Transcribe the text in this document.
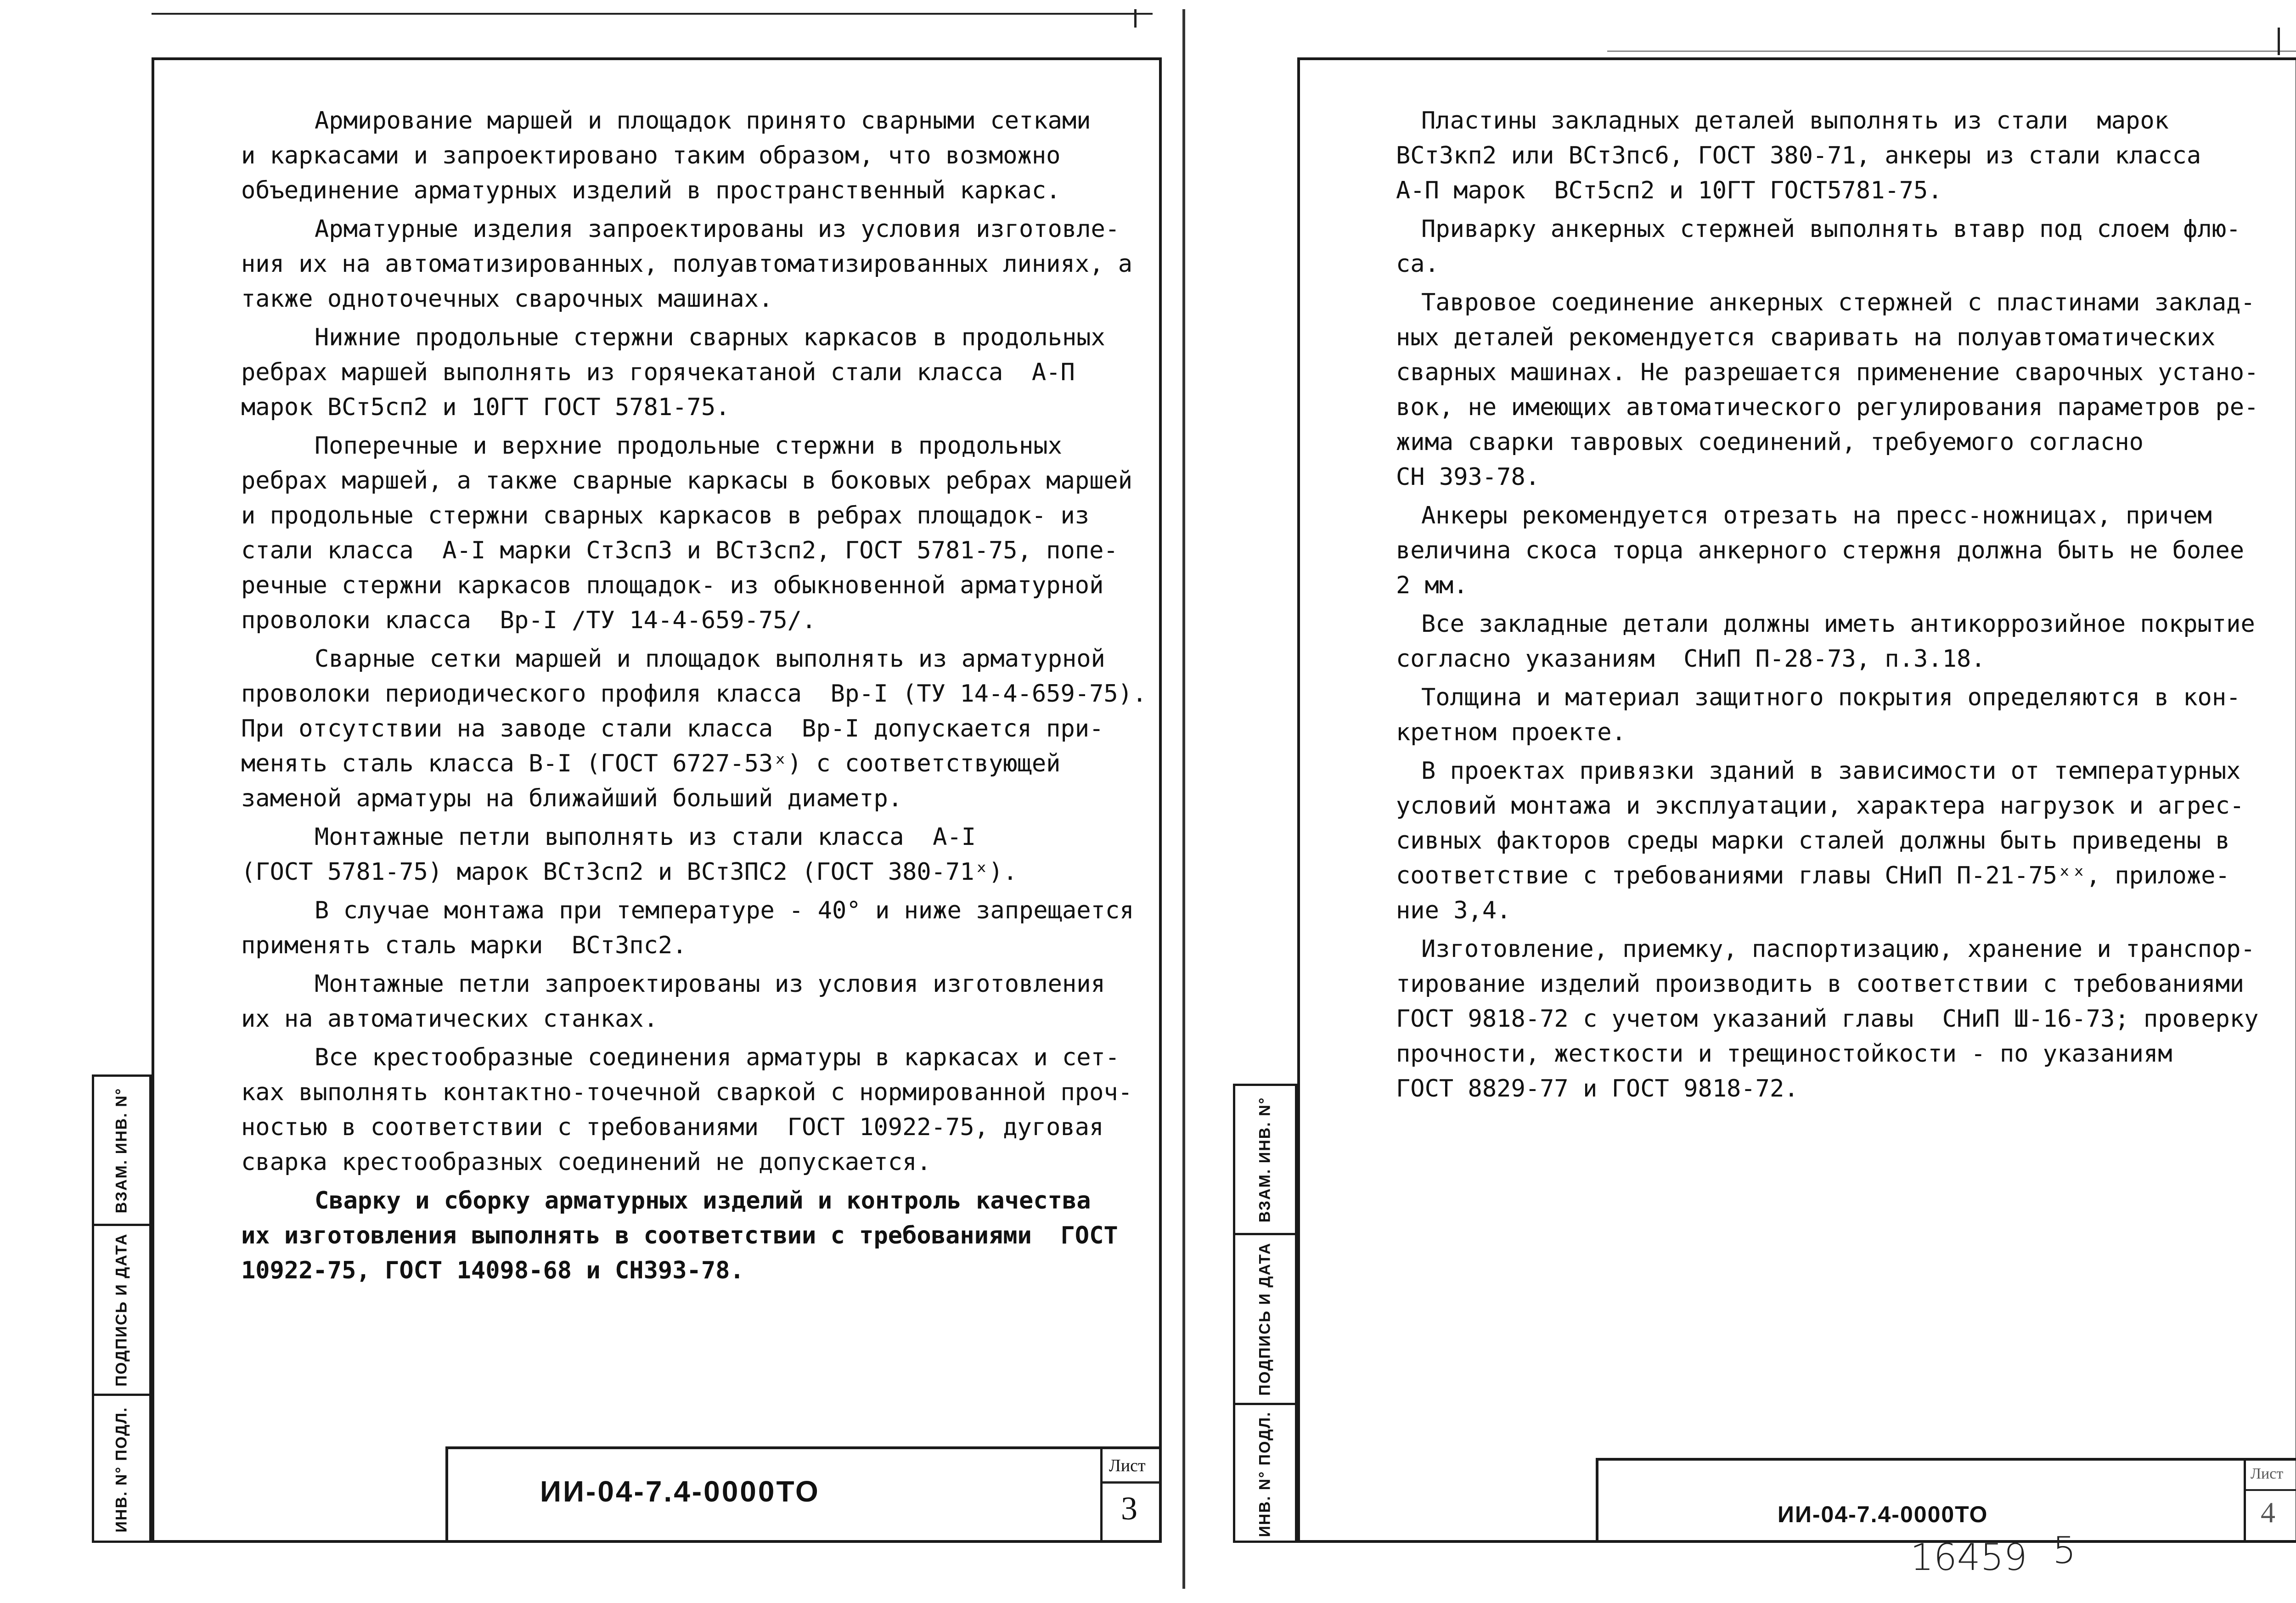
Армирование маршей и площадок принято сварными сетками
и каркасами и запроектировано таким образом, что возможно
объединение арматурных изделий в пространственный каркас.
Арматурные изделия запроектированы из условия изготовле-
ния их на автоматизированных, полуавтоматизированных линиях, а
также одноточечных сварочных машинах.
Нижние продольные стержни сварных каркасов в продольных
ребрах маршей выполнять из горячекатаной стали класса  А-П
марок ВСт5сп2 и 10ГТ ГОСТ 5781-75.
Поперечные и верхние продольные стержни в продольных
ребрах маршей, а также сварные каркасы в боковых ребрах маршей
и продольные стержни сварных каркасов в ребрах площадок- из
стали класса  А-I марки Ст3сп3 и ВСт3сп2, ГОСТ 5781-75, попе-
речные стержни каркасов площадок- из обыкновенной арматурной
проволоки класса  Вр-I /ТУ 14-4-659-75/.
Сварные сетки маршей и площадок выполнять из арматурной
проволоки периодического профиля класса  Вр-I (ТУ 14-4-659-75).
При отсутствии на заводе стали класса  Вр-I допускается при-
менять сталь класса В-I (ГОСТ 6727-53ˣ) с соответствующей
заменой арматуры на ближайший больший диаметр.
Монтажные петли выполнять из стали класса  А-I
(ГОСТ 5781-75) марок ВСт3сп2 и ВСт3ПС2 (ГОСТ 380-71ˣ).
В случае монтажа при температуре - 40° и ниже запрещается
применять сталь марки  ВСт3пс2.
Монтажные петли запроектированы из условия изготовления
их на автоматических станках.
Все крестообразные соединения арматуры в каркасах и сет-
ках выполнять контактно-точечной сваркой с нормированной проч-
ностью в соответствии с требованиями  ГОСТ 10922-75, дуговая
сварка крестообразных соединений не допускается.
Сварку и сборку арматурных изделий и контроль качества
их изготовления выполнять в соответствии с требованиями  ГОСТ
10922-75, ГОСТ 14098-68 и СН393-78.
ВЗАМ. ИНВ. N°
ПОДПИСЬ И ДАТА
ИНВ. N° ПОДЛ.	ИИ-04-7.4-0000ТО
Лист
3
Пластины закладных деталей выполнять из стали  марок
ВСт3кп2 или ВСт3пс6, ГОСТ 380-71, анкеры из стали класса
А-П марок  ВСт5сп2 и 10ГТ ГОСТ5781-75.
Приварку анкерных стержней выполнять втавр под слоем флю-
са.
Тавровое соединение анкерных стержней с пластинами заклад-
ных деталей рекомендуется сваривать на полуавтоматических
сварных машинах. Не разрешается применение сварочных устано-
вок, не имеющих автоматического регулирования параметров ре-
жима сварки тавровых соединений, требуемого согласно
СН 393-78.
Анкеры рекомендуется отрезать на пресс-ножницах, причем
величина скоса торца анкерного стержня должна быть не более
2 мм.
Все закладные детали должны иметь антикоррозийное покрытие
согласно указаниям  СНиП П-28-73, п.3.18.
Толщина и материал защитного покрытия определяются в кон-
кретном проекте.
В проектах привязки зданий в зависимости от температурных
условий монтажа и эксплуатации, характера нагрузок и агрес-
сивных факторов среды марки сталей должны быть приведены в
соответствие с требованиями главы СНиП П-21-75ˣˣ, приложе-
ние 3,4.
Изготовление, приемку, паспортизацию, хранение и транспор-
тирование изделий производить в соответствии с требованиями
ГОСТ 9818-72 с учетом указаний главы  СНиП Ш-16-73; проверку
прочности, жесткости и трещиностойкости - по указаниям
ГОСТ 8829-77 и ГОСТ 9818-72.
ВЗАМ. ИНВ. N°
ПОДПИСЬ И ДАТА
ИНВ. N° ПОДЛ.	ИИ-04-7.4-0000ТО
Лист
4
16459 5
